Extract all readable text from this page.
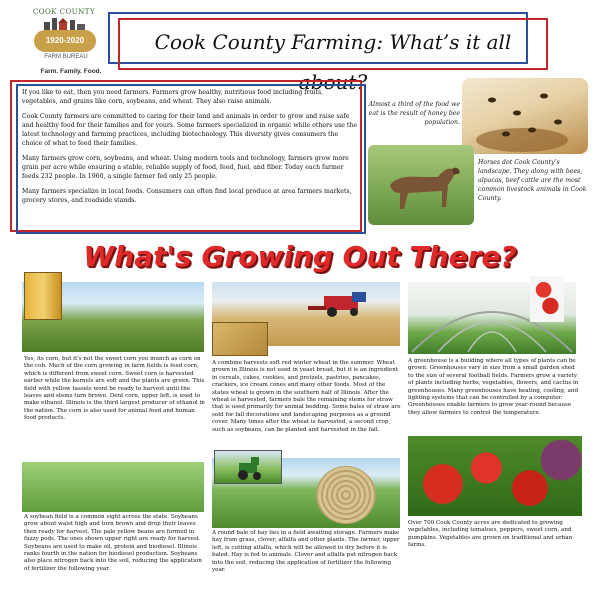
COOK COUNTY
1920-2020
FARM BUREAU
Farm. Family. Food.
Cook County Farming: What’s it all about?

If you like to eat, then you need farmers. Farmers grow healthy, nutritious food including fruits, vegetables, and grains like corn, soybeans, and wheat. They also raise animals.

Cook County farmers are committed to caring for their land and animals in order to grow and raise safe and healthy food for their families and for yours. Some farmers specialized in organic while others use the latest technology and farming practices, including biotechnology. This diversity gives consumers the choice of what to feed their families.

Many farmers grow corn, soybeans, and wheat. Using modern tools and technology, farmers grow more grain per acre while ensuring a stable, reliable supply of food, feed, fuel, and fiber. Today each farmer feeds 232 people. In 1960, a single farmer fed only 25 people.

Many farmers specialize in local foods. Consumers can often find local produce at area farmers markets, grocery stores, and roadside stands.

Almost a third of the food we eat is the result of honey bee population.
Horses dot Cook County’s landscape. They along with bees, alpacas, beef cattle are the most common livestock animals in Cook County.
What's Growing Out There?
Yes, its corn, but it's not the sweet corn you munch as corn on the cob. Much of the corn growing in farm fields is feed corn, which is different from sweet corn. Sweet corn is harvested earlier while the kernels are soft and the plants are green. This field with yellow tassels wont be ready to harvest until the leaves and stems turn brown. Dent corn, upper left, is used to make ethanol. Illinois is the third largest producer of ethanol in the nation. The corn is also used for animal feed and human food products.
A combine harvests soft red winter wheat in the summer. Wheat grown in Illinois is not used in yeast bread, but it is an ingredient in cereals, cakes, cookies, and pretzels, pastries, pancakes, crackers, ice cream cones and many other foods. Most of the states wheat is grown in the southern half of Illinois. After the wheat is harvested, farmers bale the remaining stems for straw that is used primarily for animal bedding. Some bales of straw are sold for fall decorations and landscaping purposes as a ground cover. Many times after the wheat is harvested, a second crop, such as soybeans, can be planted and harvested in the fall.
A greenhouse is a building where all types of plants can be grown. Greenhouses vary in size from a small garden shed to the size of several football fields. Farmers grow a variety of plants including herbs, vegetables, flowers, and cactus in greenhouses. Many greenhouses have heating, cooling, and lighting systems that can be controlled by a computer. Greenhouses enable farmers to grow year-round because they allow farmers to control the temperature.
A soybean field is a common sight across the state. Soybeans grow about waist high and turn brown and drop their leaves then ready for harvest. The pale yellow beans are formed in fuzzy pods. The ones shown upper right are ready for harvest. Soybeans are used to make oil, protein and biodiesel. Illinois ranks fourth in the nation for biodiesel production. Soybeans also place nitrogen back into the soil, reducing the application of fertilizer the following year.
A round bale of hay lies in a field awaiting storage. Farmers make hay from grass, clover, alfalfa and other plants. The farmer, upper left, is cutting alfalfa, which will be allowed to dry before it is baled. Hay is fed to animals. Clover and alfalfa put nitrogen back into the soil, reducing the application of fertilizer the following year.
Over 700 Cook County acres are dedicated to growing vegetables, including tomatoes, peppers, sweet corn, and pumpkins. Vegetables are grown on traditional and urban farms.
